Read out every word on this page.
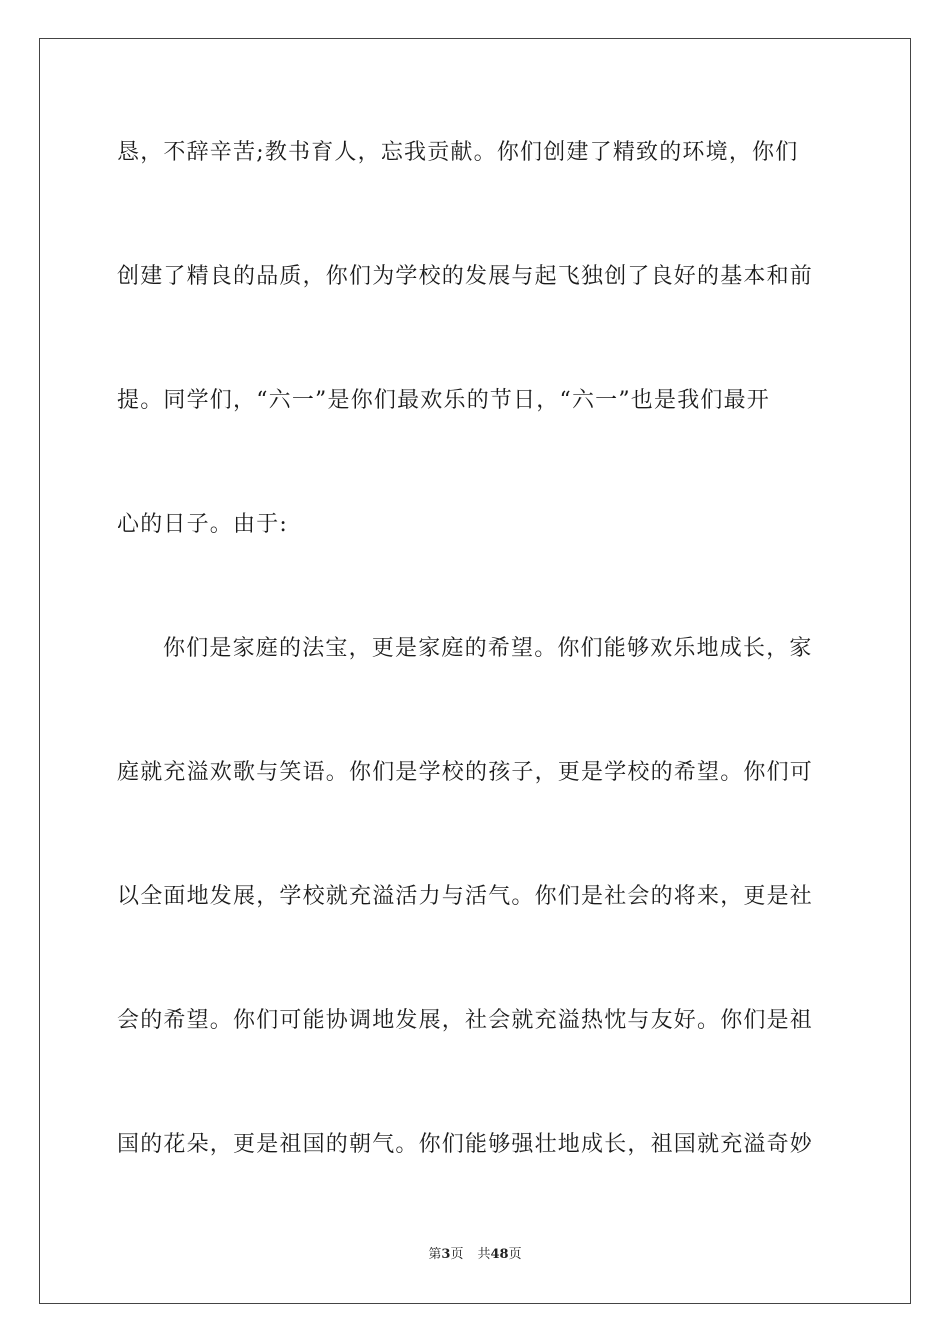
恳，不辞辛苦;教书育人，忘我贡献。你们创建了精致的环境，你们
创建了精良的品质，你们为学校的发展与起飞独创了良好的基本和前
提。同学们，“六一”是你们最欢乐的节日，“六一”也是我们最开
心的日子。由于:
你们是家庭的法宝，更是家庭的希望。你们能够欢乐地成长，家
庭就充溢欢歌与笑语。你们是学校的孩子，更是学校的希望。你们可
以全面地发展，学校就充溢活力与活气。你们是社会的将来，更是社
会的希望。你们可能协调地发展，社会就充溢热忱与友好。你们是祖
国的花朵，更是祖国的朝气。你们能够强壮地成长，祖国就充溢奇妙
第3页 共48页
